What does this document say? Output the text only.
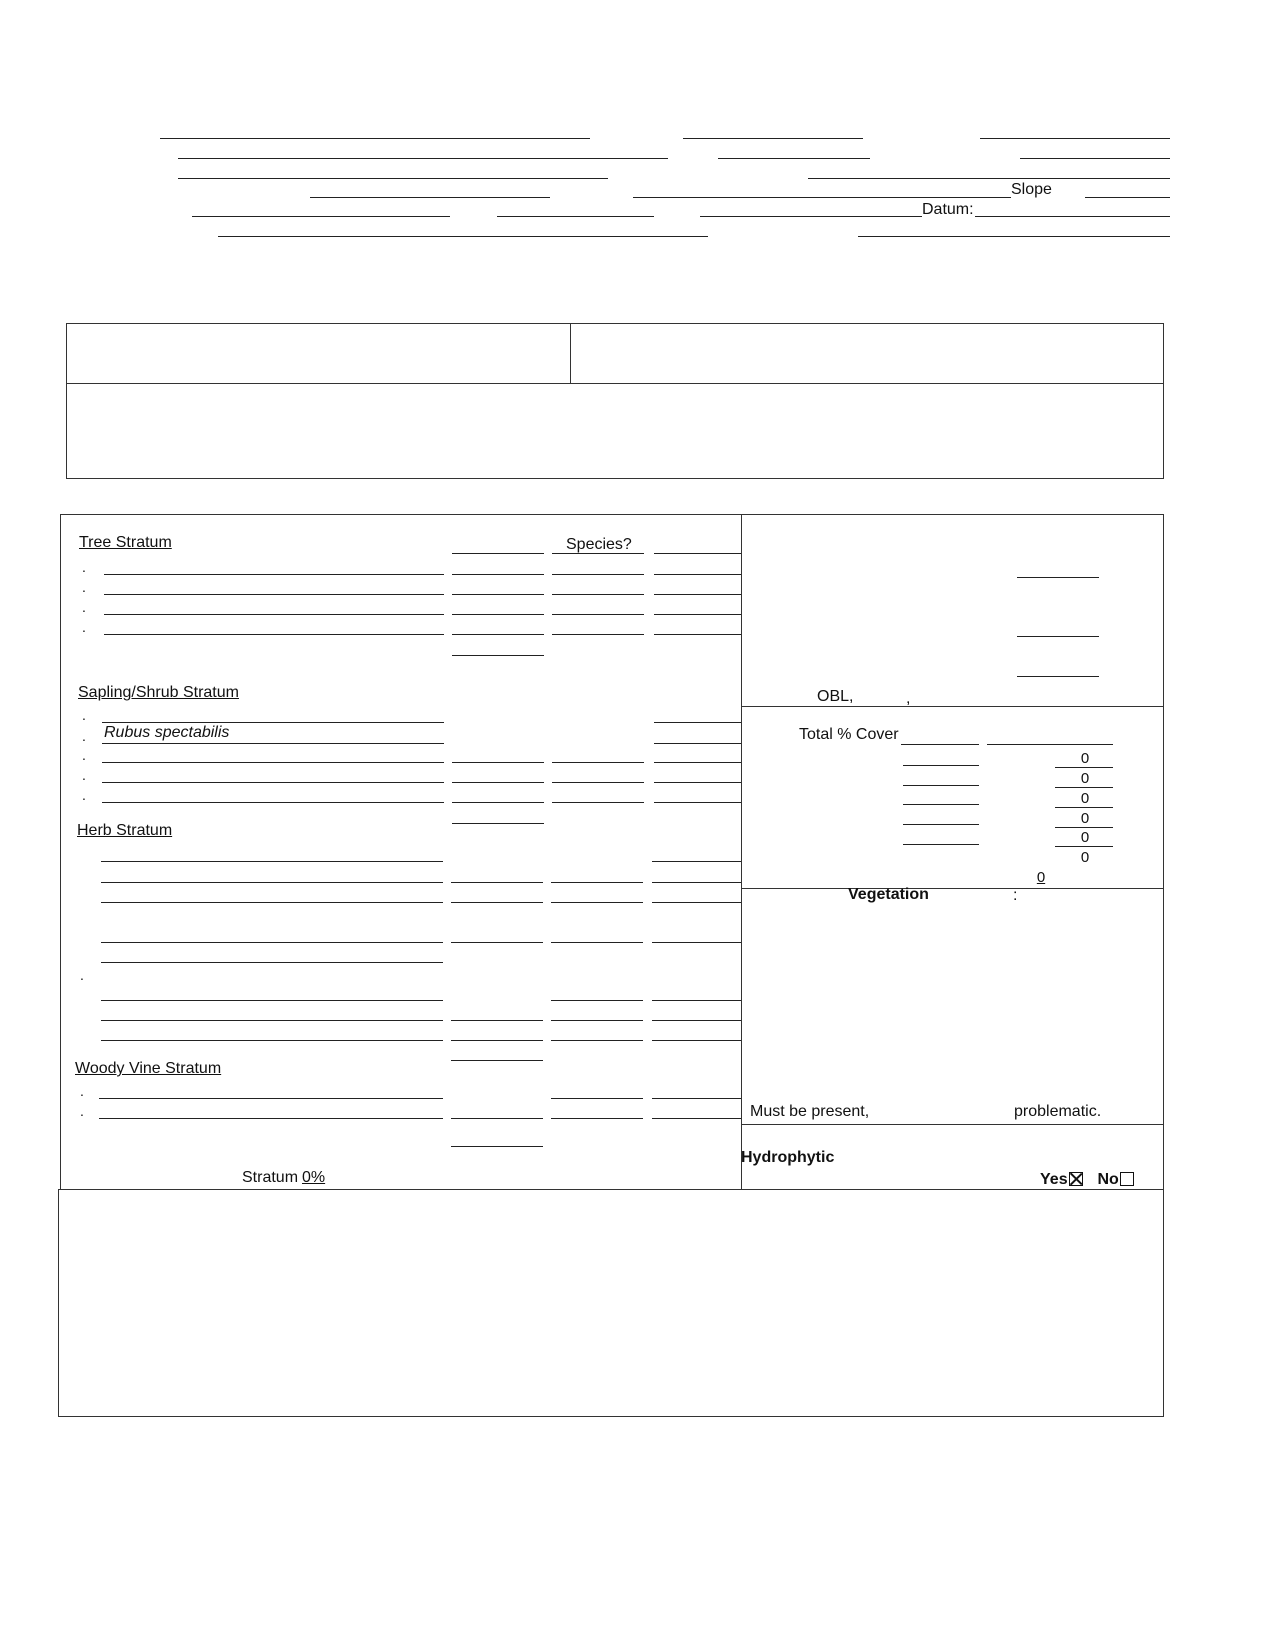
Slope
Datum:
Tree Stratum	Species?
.
.
.
.
Sapling/Shrub Stratum
.
. Rubus spectabilis
.
.
.
Herb Stratum
.
Woody Vine Stratum
.
.
Stratum 0%
OBL,	,
Total % Cover
0
0
0
0
0
0
0
Vegetation	:
Must be present,	problematic.
Hydrophytic
Yes No
